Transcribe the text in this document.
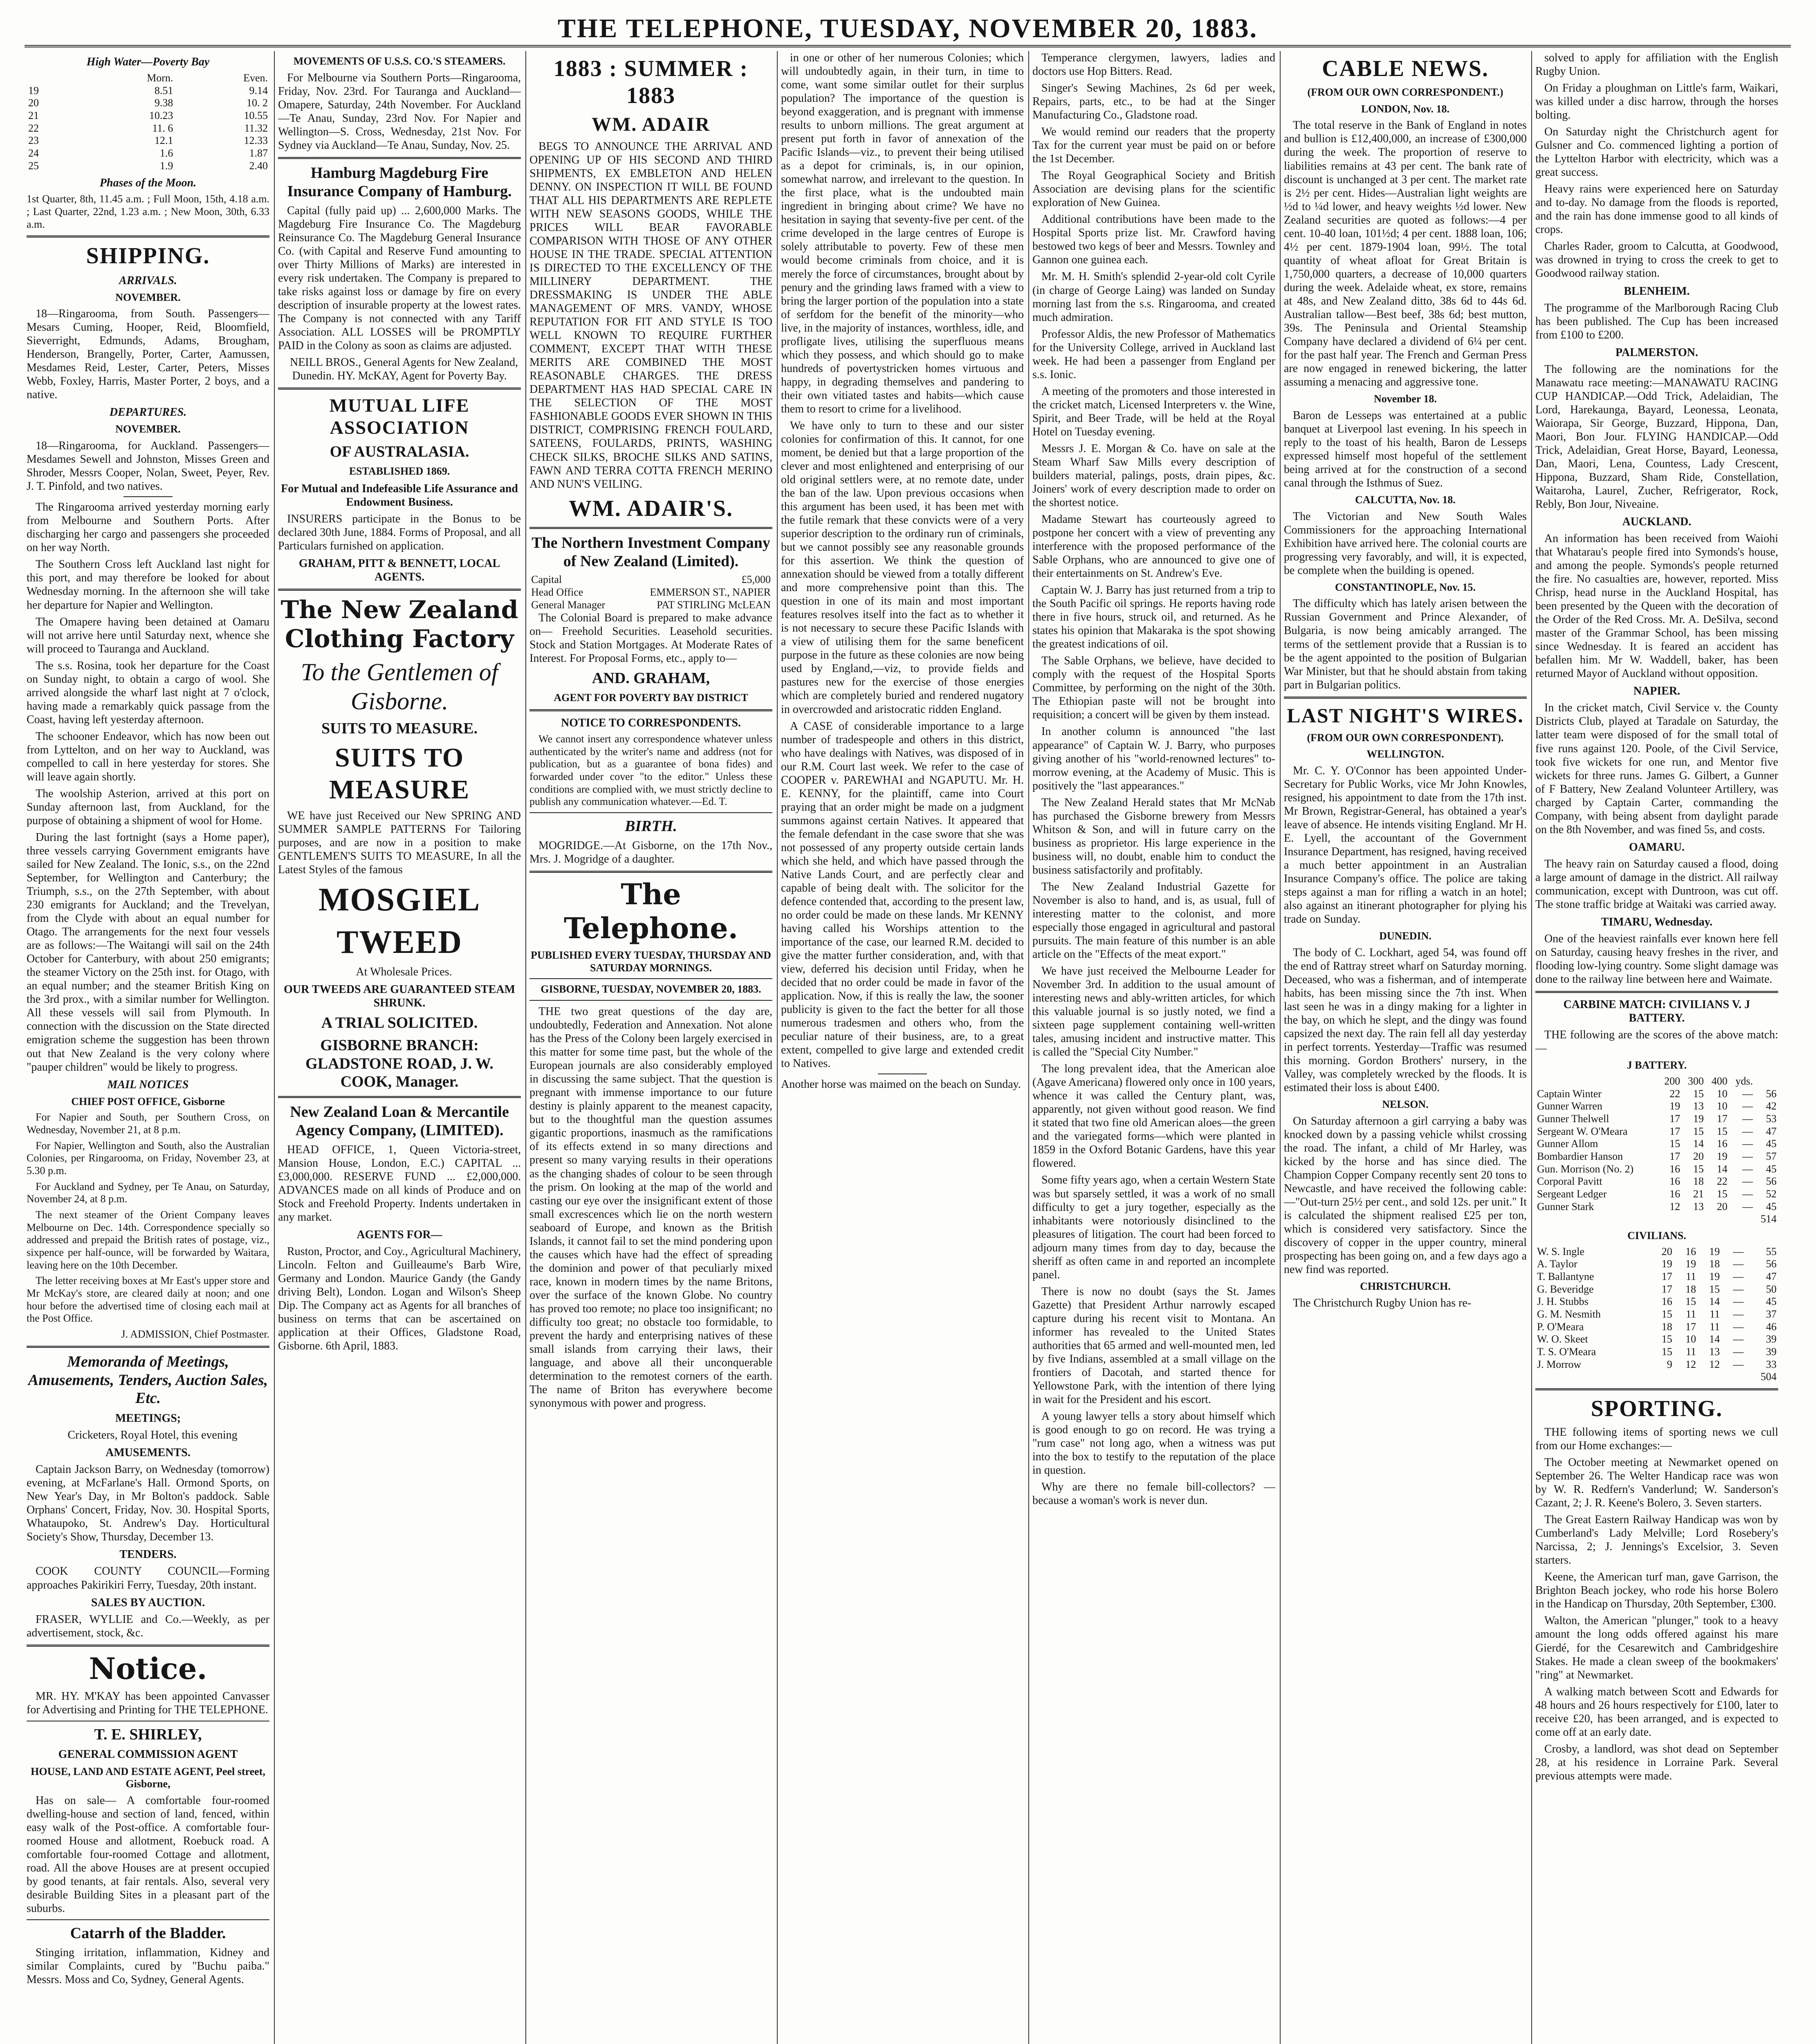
THE TELEPHONE, TUESDAY, NOVEMBER 20, 1883.
High Water—Poverty Bay
	Morn.	Even.
19	8.51	9.14
20	9.38	10. 2
21	10.23	10.55
22	11. 6	11.32
23	12.1	12.33
24	1.6	1.87
25	1.9	2.40
Phases of the Moon.

1st Quarter, 8th, 11.45 a.m. ; Full Moon, 15th, 4.18 a.m. ; Last Quarter, 22nd, 1.23 a.m. ; New Moon, 30th, 6.33 a.m.

SHIPPING.
ARRIVALS.
NOVEMBER.

18—Ringarooma, from South. Passengers—Mesars Cuming, Hooper, Reid, Bloomfield, Sieverright, Edmunds, Adams, Brougham, Henderson, Brangelly, Porter, Carter, Aamussen, Mesdames Reid, Lester, Carter, Peters, Misses Webb, Foxley, Harris, Master Porter, 2 boys, and a native.

DEPARTURES.
NOVEMBER.

18—Ringarooma, for Auckland. Passengers—Mesdames Sewell and Johnston, Misses Green and Shroder, Messrs Cooper, Nolan, Sweet, Peyer, Rev. J. T. Pinfold, and two natives.

The Ringarooma arrived yesterday morning early from Melbourne and Southern Ports. After discharging her cargo and passengers she proceeded on her way North.

The Southern Cross left Auckland last night for this port, and may therefore be looked for about Wednesday morning. In the afternoon she will take her departure for Napier and Wellington.

The Omapere having been detained at Oamaru will not arrive here until Saturday next, whence she will proceed to Tauranga and Auckland.

The s.s. Rosina, took her departure for the Coast on Sunday night, to obtain a cargo of wool. She arrived alongside the wharf last night at 7 o'clock, having made a remarkably quick passage from the Coast, having left yesterday afternoon.

The schooner Endeavor, which has now been out from Lyttelton, and on her way to Auckland, was compelled to call in here yesterday for stores. She will leave again shortly.

The woolship Asterion, arrived at this port on Sunday afternoon last, from Auckland, for the purpose of obtaining a shipment of wool for Home.

During the last fortnight (says a Home paper), three vessels carrying Government emigrants have sailed for New Zealand. The Ionic, s.s., on the 22nd September, for Wellington and Canterbury; the Triumph, s.s., on the 27th September, with about 230 emigrants for Auckland; and the Trevelyan, from the Clyde with about an equal number for Otago. The arrangements for the next four vessels are as follows:—The Waitangi will sail on the 24th October for Canterbury, with about 250 emigrants; the steamer Victory on the 25th inst. for Otago, with an equal number; and the steamer British King on the 3rd prox., with a similar number for Wellington. All these vessels will sail from Plymouth. In connection with the discussion on the State directed emigration scheme the suggestion has been thrown out that New Zealand is the very colony where "pauper children" would be likely to progress.

MAIL NOTICES
CHIEF POST OFFICE, Gisborne

For Napier and South, per Southern Cross, on Wednesday, November 21, at 8 p.m.

For Napier, Wellington and South, also the Australian Colonies, per Ringarooma, on Friday, November 23, at 5.30 p.m.

For Auckland and Sydney, per Te Anau, on Saturday, November 24, at 8 p.m.

The next steamer of the Orient Company leaves Melbourne on Dec. 14th. Correspondence specially so addressed and prepaid the British rates of postage, viz., sixpence per half-ounce, will be forwarded by Waitara, leaving here on the 10th December.

The letter receiving boxes at Mr East's upper store and Mr McKay's store, are cleared daily at noon; and one hour before the advertised time of closing each mail at the Post Office.

J. ADMISSION, Chief Postmaster.

Memoranda of Meetings, Amusements, Tenders, Auction Sales, Etc.
MEETINGS;

Cricketers, Royal Hotel, this evening

AMUSEMENTS.

Captain Jackson Barry, on Wednesday (tomorrow) evening, at McFarlane's Hall. Ormond Sports, on New Year's Day, in Mr Bolton's paddock. Sable Orphans' Concert, Friday, Nov. 30. Hospital Sports, Whataupoko, St. Andrew's Day. Horticultural Society's Show, Thursday, December 13.

TENDERS.

COOK COUNTY COUNCIL—Forming approaches Pakirikiri Ferry, Tuesday, 20th instant.

SALES BY AUCTION.

FRASER, WYLLIE and Co.—Weekly, as per advertisement, stock, &c.

Notice.

MR. HY. M'KAY has been appointed Canvasser for Advertising and Printing for THE TELEPHONE.

T. E. SHIRLEY,
GENERAL COMMISSION AGENT
HOUSE, LAND AND ESTATE AGENT, Peel street, Gisborne,

Has on sale— A comfortable four-roomed dwelling-house and section of land, fenced, within easy walk of the Post-office. A comfortable four-roomed House and allotment, Roebuck road. A comfortable four-roomed Cottage and allotment, road. All the above Houses are at present occupied by good tenants, at fair rentals. Also, several very desirable Building Sites in a pleasant part of the suburbs.

Catarrh of the Bladder.

Stinging irritation, inflammation, Kidney and similar Complaints, cured by "Buchu paiba." Messrs. Moss and Co, Sydney, General Agents.

MOVEMENTS OF U.S.S. CO.'S STEAMERS.

For Melbourne via Southern Ports—Ringarooma, Friday, Nov. 23rd. For Tauranga and Auckland—Omapere, Saturday, 24th November. For Auckland—Te Anau, Sunday, 23rd Nov. For Napier and Wellington—S. Cross, Wednesday, 21st Nov. For Sydney via Auckland—Te Anau, Sunday, Nov. 25.

Hamburg Magdeburg Fire Insurance Company of Hamburg.

Capital (fully paid up) ... 2,600,000 Marks. The Magdeburg Fire Insurance Co. The Magdeburg Reinsurance Co. The Magdeburg General Insurance Co. (with Capital and Reserve Fund amounting to over Thirty Millions of Marks) are interested in every risk undertaken. The Company is prepared to take risks against loss or damage by fire on every description of insurable property at the lowest rates. The Company is not connected with any Tariff Association. ALL LOSSES will be PROMPTLY PAID in the Colony as soon as claims are adjusted.

NEILL BROS., General Agents for New Zealand, Dunedin. HY. McKAY, Agent for Poverty Bay.

MUTUAL LIFE ASSOCIATION
OF AUSTRALASIA.
ESTABLISHED 1869.
For Mutual and Indefeasible Life Assurance and Endowment Business.

INSURERS participate in the Bonus to be declared 30th June, 1884. Forms of Proposal, and all Particulars furnished on application.

GRAHAM, PITT & BENNETT, LOCAL AGENTS.
The New Zealand Clothing Factory
To the Gentlemen of Gisborne.
SUITS TO MEASURE.
SUITS TO MEASURE

WE have just Received our New SPRING AND SUMMER SAMPLE PATTERNS For Tailoring purposes, and are now in a position to make GENTLEMEN'S SUITS TO MEASURE, In all the Latest Styles of the famous

MOSGIEL
TWEED

At Wholesale Prices.

OUR TWEEDS ARE GUARANTEED STEAM SHRUNK.
A TRIAL SOLICITED.
GISBORNE BRANCH: GLADSTONE ROAD, J. W. COOK, Manager.
New Zealand Loan & Mercantile Agency Company, (LIMITED).

HEAD OFFICE, 1, Queen Victoria-street, Mansion House, London, E.C.) CAPITAL ... £3,000,000. RESERVE FUND ... £2,000,000. ADVANCES made on all kinds of Produce and on Stock and Freehold Property. Indents undertaken in any market.

AGENTS FOR—

Ruston, Proctor, and Coy., Agricultural Machinery, Lincoln. Felton and Guilleaume's Barb Wire, Germany and London. Maurice Gandy (the Gandy driving Belt), London. Logan and Wilson's Sheep Dip. The Company act as Agents for all branches of business on terms that can be ascertained on application at their Offices, Gladstone Road, Gisborne. 6th April, 1883.

1883 : SUMMER : 1883
WM. ADAIR

BEGS TO ANNOUNCE THE ARRIVAL AND OPENING UP OF HIS SECOND AND THIRD SHIPMENTS, EX EMBLETON AND HELEN DENNY. ON INSPECTION IT WILL BE FOUND THAT ALL HIS DEPARTMENTS ARE REPLETE WITH NEW SEASONS GOODS, WHILE THE PRICES WILL BEAR FAVORABLE COMPARISON WITH THOSE OF ANY OTHER HOUSE IN THE TRADE. SPECIAL ATTENTION IS DIRECTED TO THE EXCELLENCY OF THE MILLINERY DEPARTMENT. THE DRESSMAKING IS UNDER THE ABLE MANAGEMENT OF MRS. VANDY, WHOSE REPUTATION FOR FIT AND STYLE IS TOO WELL KNOWN TO REQUIRE FURTHER COMMENT, EXCEPT THAT WITH THESE MERITS ARE COMBINED THE MOST REASONABLE CHARGES. THE DRESS DEPARTMENT HAS HAD SPECIAL CARE IN THE SELECTION OF THE MOST FASHIONABLE GOODS EVER SHOWN IN THIS DISTRICT, COMPRISING FRENCH FOULARD, SATEENS, FOULARDS, PRINTS, WASHING CHECK SILKS, BROCHE SILKS AND SATINS, FAWN AND TERRA COTTA FRENCH MERINO AND NUN'S VEILING.

WM. ADAIR'S.
The Northern Investment Company of New Zealand (Limited).
Capital	£5,000
Head Office	EMMERSON ST., NAPIER
General Manager	PAT STIRLING McLEAN

The Colonial Board is prepared to make advance on— Freehold Securities. Leasehold securities. Stock and Station Mortgages. At Moderate Rates of Interest. For Proposal Forms, etc., apply to—

AND. GRAHAM,
AGENT FOR POVERTY BAY DISTRICT
NOTICE TO CORRESPONDENTS.

We cannot insert any correspondence whatever unless authenticated by the writer's name and address (not for publication, but as a guarantee of bona fides) and forwarded under cover "to the editor." Unless these conditions are complied with, we must strictly decline to publish any communication whatever.—Ed. T.

BIRTH.

MOGRIDGE.—At Gisborne, on the 17th Nov., Mrs. J. Mogridge of a daughter.

The Telephone.
PUBLISHED EVERY TUESDAY, THURSDAY AND SATURDAY MORNINGS.
GISBORNE, TUESDAY, NOVEMBER 20, 1883.

THE two great questions of the day are, undoubtedly, Federation and Annexation. Not alone has the Press of the Colony been largely exercised in this matter for some time past, but the whole of the European journals are also considerably employed in discussing the same subject. That the question is pregnant with immense importance to our future destiny is plainly apparent to the meanest capacity, but to the thoughtful man the question assumes gigantic proportions, inasmuch as the ramifications of its effects extend in so many directions and present so many varying results in their operations as the changing shades of colour to be seen through the prism. On looking at the map of the world and casting our eye over the insignificant extent of those small excrescences which lie on the north western seaboard of Europe, and known as the British Islands, it cannot fail to set the mind pondering upon the causes which have had the effect of spreading the dominion and power of that peculiarly mixed race, known in modern times by the name Britons, over the surface of the known Globe. No country has proved too remote; no place too insignificant; no difficulty too great; no obstacle too formidable, to prevent the hardy and enterprising natives of these small islands from carrying their laws, their language, and above all their unconquerable determination to the remotest corners of the earth. The name of Briton has everywhere become synonymous with power and progress.

in one or other of her numerous Colonies; which will undoubtedly again, in their turn, in time to come, want some similar outlet for their surplus population? The importance of the question is beyond exaggeration, and is pregnant with immense results to unborn millions. The great argument at present put forth in favor of annexation of the Pacific Islands—viz., to prevent their being utilised as a depot for criminals, is, in our opinion, somewhat narrow, and irrelevant to the question. In the first place, what is the undoubted main ingredient in bringing about crime? We have no hesitation in saying that seventy-five per cent. of the crime developed in the large centres of Europe is solely attributable to poverty. Few of these men would become criminals from choice, and it is merely the force of circumstances, brought about by penury and the grinding laws framed with a view to bring the larger portion of the population into a state of serfdom for the benefit of the minority—who live, in the majority of instances, worthless, idle, and profligate lives, utilising the superfluous means which they possess, and which should go to make hundreds of povertystricken homes virtuous and happy, in degrading themselves and pandering to their own vitiated tastes and habits—which cause them to resort to crime for a livelihood.

We have only to turn to these and our sister colonies for confirmation of this. It cannot, for one moment, be denied but that a large proportion of the clever and most enlightened and enterprising of our old original settlers were, at no remote date, under the ban of the law. Upon previous occasions when this argument has been used, it has been met with the futile remark that these convicts were of a very superior description to the ordinary run of criminals, but we cannot possibly see any reasonable grounds for this assertion. We think the question of annexation should be viewed from a totally different and more comprehensive point than this. The question in one of its main and most important features resolves itself into the fact as to whether it is not necessary to secure these Pacific Islands with a view of utilising them for the same beneficent purpose in the future as these colonies are now being used by England,—viz, to provide fields and pastures new for the exercise of those energies which are completely buried and rendered nugatory in overcrowded and aristocratic ridden England.

A CASE of considerable importance to a large number of tradespeople and others in this district, who have dealings with Natives, was disposed of in our R.M. Court last week. We refer to the case of COOPER v. PAREWHAI and NGAPUTU. Mr. H. E. KENNY, for the plaintiff, came into Court praying that an order might be made on a judgment summons against certain Natives. It appeared that the female defendant in the case swore that she was not possessed of any property outside certain lands which she held, and which have passed through the Native Lands Court, and are perfectly clear and capable of being dealt with. The solicitor for the defence contended that, according to the present law, no order could be made on these lands. Mr KENNY having called his Worships attention to the importance of the case, our learned R.M. decided to give the matter further consideration, and, with that view, deferred his decision until Friday, when he decided that no order could be made in favor of the application. Now, if this is really the law, the sooner publicity is given to the fact the better for all those numerous tradesmen and others who, from the peculiar nature of their business, are, to a great extent, compelled to give large and extended credit to Natives.

Another horse was maimed on the beach on Sunday.

Temperance clergymen, lawyers, ladies and doctors use Hop Bitters. Read.

Singer's Sewing Machines, 2s 6d per week, Repairs, parts, etc., to be had at the Singer Manufacturing Co., Gladstone road.

We would remind our readers that the property Tax for the current year must be paid on or before the 1st December.

The Royal Geographical Society and British Association are devising plans for the scientific exploration of New Guinea.

Additional contributions have been made to the Hospital Sports prize list. Mr. Crawford having bestowed two kegs of beer and Messrs. Townley and Gannon one guinea each.

Mr. M. H. Smith's splendid 2-year-old colt Cyrile (in charge of George Laing) was landed on Sunday morning last from the s.s. Ringarooma, and created much admiration.

Professor Aldis, the new Professor of Mathematics for the University College, arrived in Auckland last week. He had been a passenger from England per s.s. Ionic.

A meeting of the promoters and those interested in the cricket match, Licensed Interpreters v. the Wine, Spirit, and Beer Trade, will be held at the Royal Hotel on Tuesday evening.

Messrs J. E. Morgan & Co. have on sale at the Steam Wharf Saw Mills every description of builders material, palings, posts, drain pipes, &c. Joiners' work of every description made to order on the shortest notice.

Madame Stewart has courteously agreed to postpone her concert with a view of preventing any interference with the proposed performance of the Sable Orphans, who are announced to give one of their entertainments on St. Andrew's Eve.

Captain W. J. Barry has just returned from a trip to the South Pacific oil springs. He reports having rode there in five hours, struck oil, and returned. As he states his opinion that Makaraka is the spot showing the greatest indications of oil.

The Sable Orphans, we believe, have decided to comply with the request of the Hospital Sports Committee, by performing on the night of the 30th. The Ethiopian paste will not be brought into requisition; a concert will be given by them instead.

In another column is announced "the last appearance" of Captain W. J. Barry, who purposes giving another of his "world-renowned lectures" to-morrow evening, at the Academy of Music. This is positively the "last appearances."

The New Zealand Herald states that Mr McNab has purchased the Gisborne brewery from Messrs Whitson & Son, and will in future carry on the business as proprietor. His large experience in the business will, no doubt, enable him to conduct the business satisfactorily and profitably.

The New Zealand Industrial Gazette for November is also to hand, and is, as usual, full of interesting matter to the colonist, and more especially those engaged in agricultural and pastoral pursuits. The main feature of this number is an able article on the "Effects of the meat export."

We have just received the Melbourne Leader for November 3rd. In addition to the usual amount of interesting news and ably-written articles, for which this valuable journal is so justly noted, we find a sixteen page supplement containing well-written tales, amusing incident and instructive matter. This is called the "Special City Number."

The long prevalent idea, that the American aloe (Agave Americana) flowered only once in 100 years, whence it was called the Century plant, was, apparently, not given without good reason. We find it stated that two fine old American aloes—the green and the variegated forms—which were planted in 1859 in the Oxford Botanic Gardens, have this year flowered.

Some fifty years ago, when a certain Western State was but sparsely settled, it was a work of no small difficulty to get a jury together, especially as the inhabitants were notoriously disinclined to the pleasures of litigation. The court had been forced to adjourn many times from day to day, because the sheriff as often came in and reported an incomplete panel.

There is now no doubt (says the St. James Gazette) that President Arthur narrowly escaped capture during his recent visit to Montana. An informer has revealed to the United States authorities that 65 armed and well-mounted men, led by five Indians, assembled at a small village on the frontiers of Dacotah, and started thence for Yellowstone Park, with the intention of there lying in wait for the President and his escort.

A young lawyer tells a story about himself which is good enough to go on record. He was trying a "rum case" not long ago, when a witness was put into the box to testify to the reputation of the place in question.

Why are there no female bill-collectors? —because a woman's work is never dun.

CABLE NEWS.
(FROM OUR OWN CORRESPONDENT.)
LONDON, Nov. 18.

The total reserve in the Bank of England in notes and bullion is £12,400,000, an increase of £300,000 during the week. The proportion of reserve to liabilities remains at 43 per cent. The bank rate of discount is unchanged at 3 per cent. The market rate is 2½ per cent. Hides—Australian light weights are ½d to ¼d lower, and heavy weights ½d lower. New Zealand securities are quoted as follows:—4 per cent. 10-40 loan, 101½d; 4 per cent. 1888 loan, 106; 4½ per cent. 1879-1904 loan, 99½. The total quantity of wheat afloat for Great Britain is 1,750,000 quarters, a decrease of 10,000 quarters during the week. Adelaide wheat, ex store, remains at 48s, and New Zealand ditto, 38s 6d to 44s 6d. Australian tallow—Best beef, 38s 6d; best mutton, 39s. The Peninsula and Oriental Steamship Company have declared a dividend of 6¼ per cent. for the past half year. The French and German Press are now engaged in renewed bickering, the latter assuming a menacing and aggressive tone.

November 18.

Baron de Lesseps was entertained at a public banquet at Liverpool last evening. In his speech in reply to the toast of his health, Baron de Lesseps expressed himself most hopeful of the settlement being arrived at for the construction of a second canal through the Isthmus of Suez.

CALCUTTA, Nov. 18.

The Victorian and New South Wales Commissioners for the approaching International Exhibition have arrived here. The colonial courts are progressing very favorably, and will, it is expected, be complete when the building is opened.

CONSTANTINOPLE, Nov. 15.

The difficulty which has lately arisen between the Russian Government and Prince Alexander, of Bulgaria, is now being amicably arranged. The terms of the settlement provide that a Russian is to be the agent appointed to the position of Bulgarian War Minister, but that he should abstain from taking part in Bulgarian politics.

LAST NIGHT'S WIRES.
(FROM OUR OWN CORRESPONDENT).
WELLINGTON.

Mr. C. Y. O'Connor has been appointed Under-Secretary for Public Works, vice Mr John Knowles, resigned, his appointment to date from the 17th inst. Mr Brown, Registrar-General, has obtained a year's leave of absence. He intends visiting England. Mr H. E. Lyell, the accountant of the Government Insurance Department, has resigned, having received a much better appointment in an Australian Insurance Company's office. The police are taking steps against a man for rifling a watch in an hotel; also against an itinerant photographer for plying his trade on Sunday.

DUNEDIN.

The body of C. Lockhart, aged 54, was found off the end of Rattray street wharf on Saturday morning. Deceased, who was a fisherman, and of intemperate habits, has been missing since the 7th inst. When last seen he was in a dingy making for a lighter in the bay, on which he slept, and the dingy was found capsized the next day. The rain fell all day yesterday in perfect torrents. Yesterday—Traffic was resumed this morning. Gordon Brothers' nursery, in the Valley, was completely wrecked by the floods. It is estimated their loss is about £400.

NELSON.

On Saturday afternoon a girl carrying a baby was knocked down by a passing vehicle whilst crossing the road. The infant, a child of Mr Harley, was kicked by the horse and has since died. The Champion Copper Company recently sent 20 tons to Newcastle, and have received the following cable:—"Out-turn 25½ per cent., and sold 12s. per unit." It is calculated the shipment realised £25 per ton, which is considered very satisfactory. Since the discovery of copper in the upper country, mineral prospecting has been going on, and a few days ago a new find was reported.

CHRISTCHURCH.

The Christchurch Rugby Union has re-

solved to apply for affiliation with the English Rugby Union.

On Friday a ploughman on Little's farm, Waikari, was killed under a disc harrow, through the horses bolting.

On Saturday night the Christchurch agent for Gulsner and Co. commenced lighting a portion of the Lyttelton Harbor with electricity, which was a great success.

Heavy rains were experienced here on Saturday and to-day. No damage from the floods is reported, and the rain has done immense good to all kinds of crops.

Charles Rader, groom to Calcutta, at Goodwood, was drowned in trying to cross the creek to get to Goodwood railway station.

BLENHEIM.

The programme of the Marlborough Racing Club has been published. The Cup has been increased from £100 to £200.

PALMERSTON.

The following are the nominations for the Manawatu race meeting:—MANAWATU RACING CUP HANDICAP.—Odd Trick, Adelaidian, The Lord, Harekaunga, Bayard, Leonessa, Leonata, Waiorapa, Sir George, Buzzard, Hippona, Dan, Maori, Bon Jour. FLYING HANDICAP.—Odd Trick, Adelaidian, Great Horse, Bayard, Leonessa, Dan, Maori, Lena, Countess, Lady Crescent, Hippona, Buzzard, Sham Ride, Constellation, Waitaroha, Laurel, Zucher, Refrigerator, Rock, Rebly, Bon Jour, Niveaine.

AUCKLAND.

An information has been received from Waiohi that Whatarau's people fired into Symonds's house, and among the people. Symonds's people returned the fire. No casualties are, however, reported. Miss Chrisp, head nurse in the Auckland Hospital, has been presented by the Queen with the decoration of the Order of the Red Cross. Mr. A. DeSilva, second master of the Grammar School, has been missing since Wednesday. It is feared an accident has befallen him. Mr W. Waddell, baker, has been returned Mayor of Auckland without opposition.

NAPIER.

In the cricket match, Civil Service v. the County Districts Club, played at Taradale on Saturday, the latter team were disposed of for the small total of five runs against 120. Poole, of the Civil Service, took five wickets for one run, and Mentor five wickets for three runs. James G. Gilbert, a Gunner of F Battery, New Zealand Volunteer Artillery, was charged by Captain Carter, commanding the Company, with being absent from daylight parade on the 8th November, and was fined 5s, and costs.

OAMARU.

The heavy rain on Saturday caused a flood, doing a large amount of damage in the district. All railway communication, except with Duntroon, was cut off. The stone traffic bridge at Waitaki was carried away.

TIMARU, Wednesday.

One of the heaviest rainfalls ever known here fell on Saturday, causing heavy freshes in the river, and flooding low-lying country. Some slight damage was done to the railway line between here and Waimate.

CARBINE MATCH: CIVILIANS V. J BATTERY.

THE following are the scores of the above match:—

J BATTERY.
	200	300	400	yds.	
Captain Winter	22	15	10	—	56
Gunner Warren	19	13	10	—	42
Gunner Thelwell	17	19	17	—	53
Sergeant W. O'Meara	17	15	15	—	47
Gunner Allom	15	14	16	—	45
Bombardier Hanson	17	20	19	—	57
Gun. Morrison (No. 2)	16	15	14	—	45
Corporal Pavitt	16	18	22	—	56
Sergeant Ledger	16	21	15	—	52
Gunner Stark	12	13	20	—	45
					514
CIVILIANS.
W. S. Ingle	20	16	19	—	55
A. Taylor	19	19	18	—	56
T. Ballantyne	17	11	19	—	47
G. Beveridge	17	18	15	—	50
J. H. Stubbs	16	15	14	—	45
G. M. Nesmith	15	11	11	—	37
P. O'Meara	18	17	11	—	46
W. O. Skeet	15	10	14	—	39
T. S. O'Meara	15	11	13	—	39
J. Morrow	9	12	12	—	33
					504
SPORTING.

THE following items of sporting news we cull from our Home exchanges:—

The October meeting at Newmarket opened on September 26. The Welter Handicap race was won by W. R. Redfern's Vanderlund; W. Sanderson's Cazant, 2; J. R. Keene's Bolero, 3. Seven starters.

The Great Eastern Railway Handicap was won by Cumberland's Lady Melville; Lord Rosebery's Narcissa, 2; J. Jennings's Excelsior, 3. Seven starters.

Keene, the American turf man, gave Garrison, the Brighton Beach jockey, who rode his horse Bolero in the Handicap on Thursday, 20th September, £300.

Walton, the American "plunger," took to a heavy amount the long odds offered against his mare Gierdé, for the Cesarewitch and Cambridgeshire Stakes. He made a clean sweep of the bookmakers' "ring" at Newmarket.

A walking match between Scott and Edwards for 48 hours and 26 hours respectively for £100, later to receive £20, has been arranged, and is expected to come off at an early date.

Crosby, a landlord, was shot dead on September 28, at his residence in Lorraine Park. Several previous attempts were made.
